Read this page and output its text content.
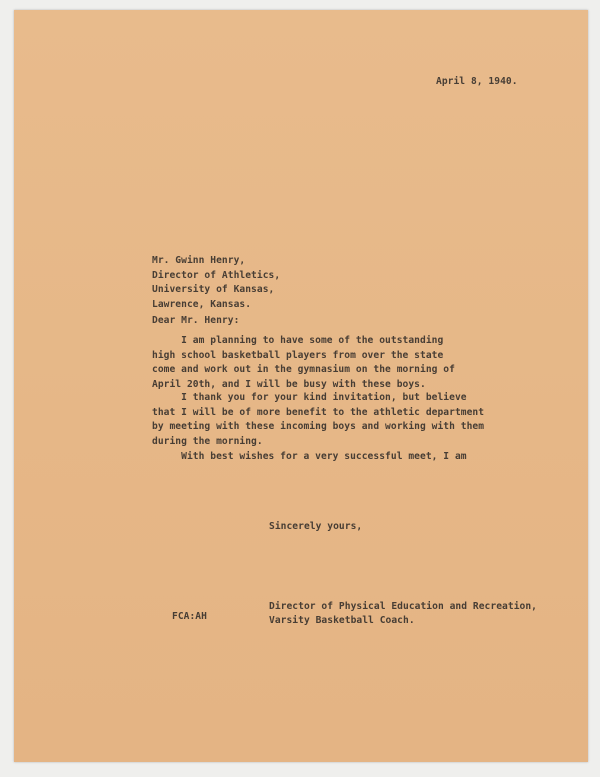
April 8, 1940.
Mr. Gwinn Henry,
Director of Athletics,
University of Kansas,
Lawrence, Kansas.
Dear Mr. Henry:
I am planning to have some of the outstanding
high school basketball players from over the state
come and work out in the gymnasium on the morning of
April 20th, and I will be busy with these boys.
I thank you for your kind invitation, but believe
that I will be of more benefit to the athletic department
by meeting with these incoming boys and working with them
during the morning.
With best wishes for a very successful meet, I am
Sincerely yours,
Director of Physical Education and Recreation,
Varsity Basketball Coach.
FCA:AH
